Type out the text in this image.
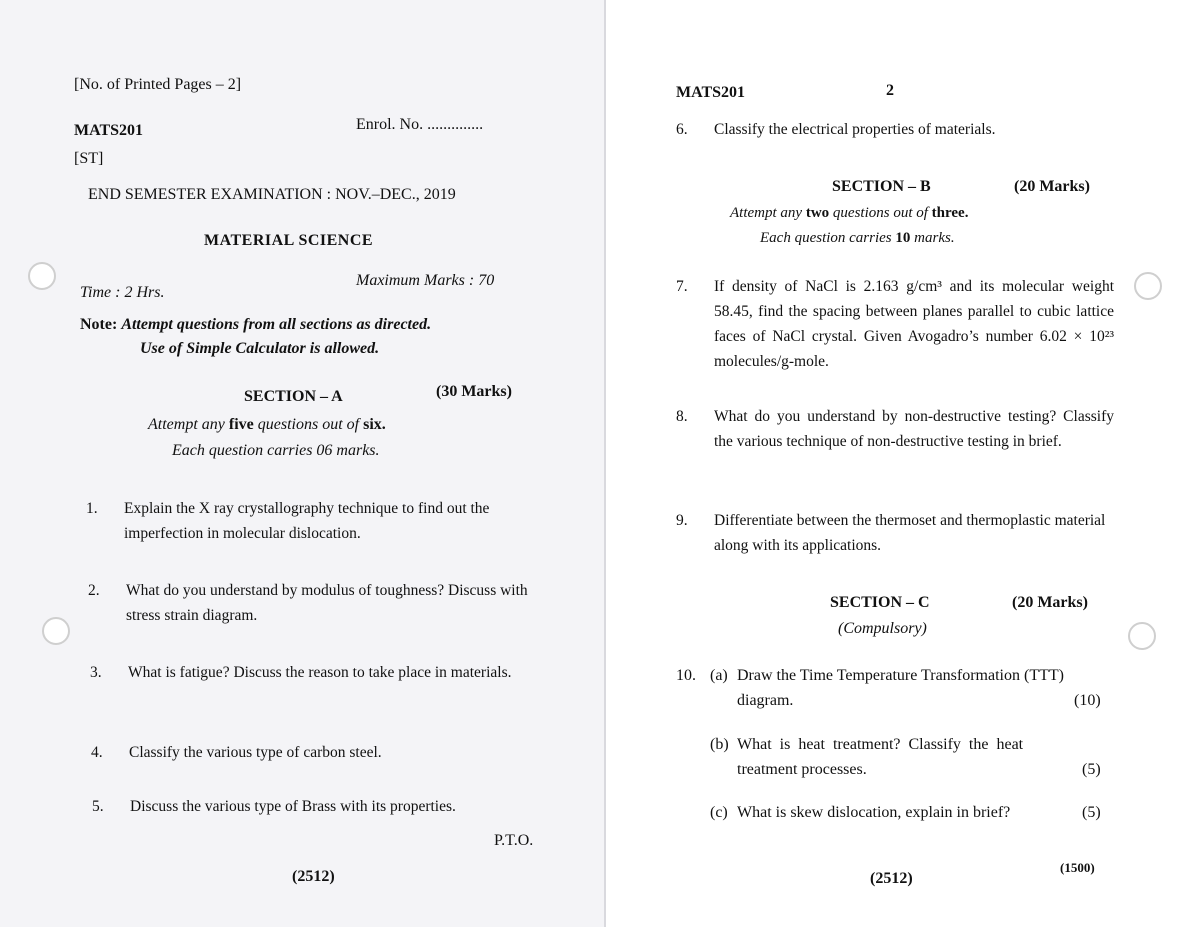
[No. of Printed Pages – 2]
MATS201	Enrol. No. ..............
[ST]
END SEMESTER EXAMINATION : NOV.–DEC., 2019
MATERIAL SCIENCE
Time : 2 Hrs.
Maximum Marks : 70
Note: Attempt questions from all sections as directed.
Use of Simple Calculator is allowed.
SECTION – A	(30 Marks)
Attempt any five questions out of six.
Each question carries 06 marks.
1. Explain the X ray crystallography technique to find out the imperfection in molecular dislocation.
2. What do you understand by modulus of toughness? Discuss with stress strain diagram.
3. What is fatigue? Discuss the reason to take place in materials.
4. Classify the various type of carbon steel.
5. Discuss the various type of Brass with its properties.
P.T.O.
(2512)
MATS201	2
6. Classify the electrical properties of materials.
SECTION – B	(20 Marks)
Attempt any two questions out of three.
Each question carries 10 marks.
7. If density of NaCl is 2.163 g/cm³ and its molecular weight 58.45, find the spacing between planes parallel to cubic lattice faces of NaCl crystal. Given Avogadro’s number 6.02 × 10²³ molecules/g-mole.
8. What do you understand by non-destructive testing? Classify the various technique of non-destructive testing in brief.
9. Differentiate between the thermoset and thermoplastic material along with its applications.
SECTION – C	(20 Marks)
(Compulsory)
10. (a) Draw the Time Temperature Transformation (TTT)
diagram.	(10)
(b) What is heat treatment? Classify the heat
treatment processes.	(5)
(c) What is skew dislocation, explain in brief?	(5)
(2512)
(1500)
